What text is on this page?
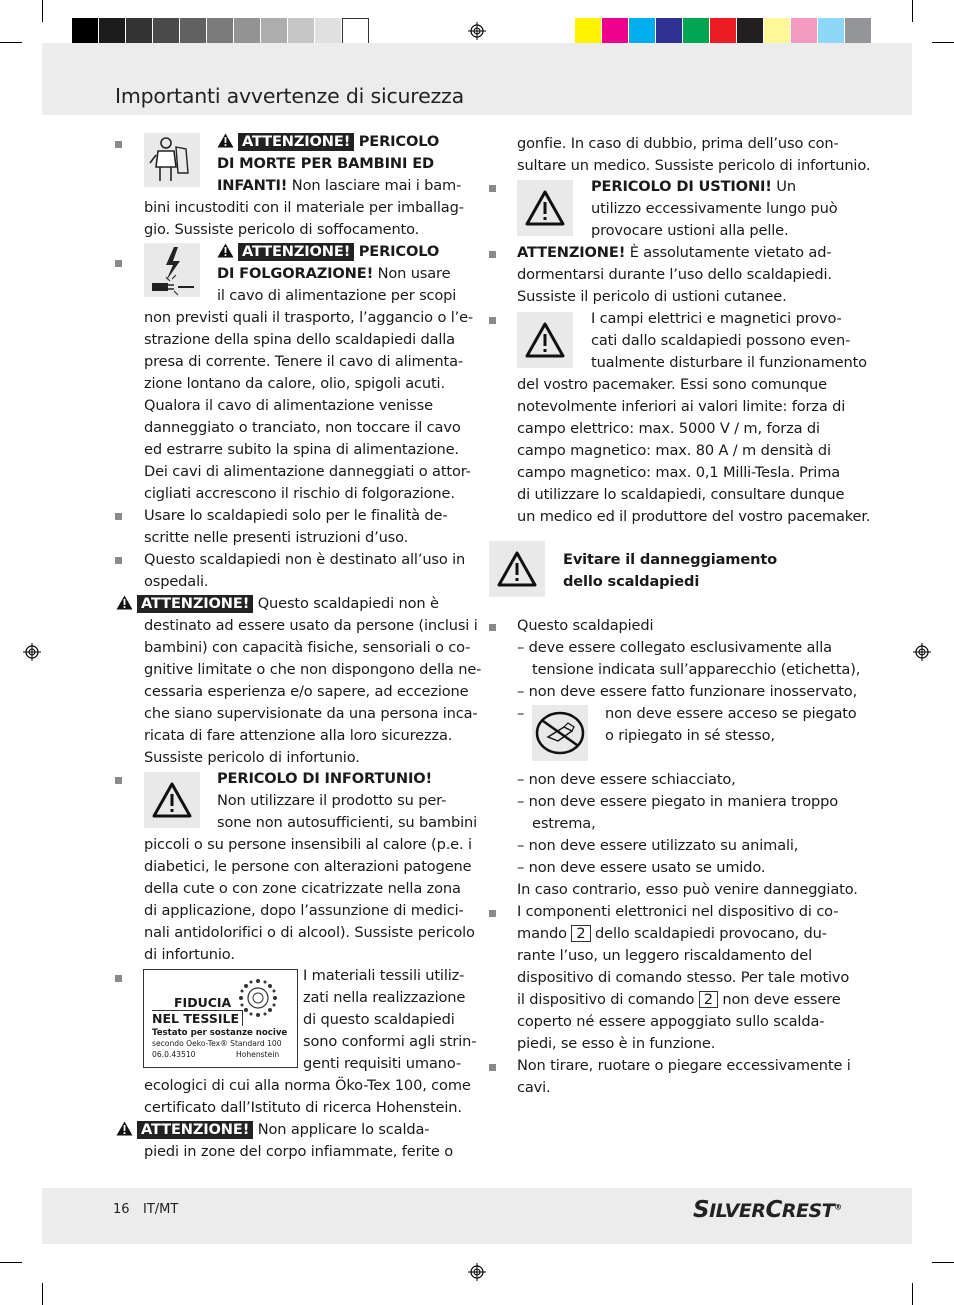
Importanti avvertenze di sicurezza
ATTENZIONE! PERICOLO
DI MORTE PER BAMBINI ED
INFANTI! Non lasciare mai i bam-
bini incustoditi con il materiale per imballag-
gio. Sussiste pericolo di soffocamento.
ATTENZIONE! PERICOLO
DI FOLGORAZIONE! Non usare
il cavo di alimentazione per scopi
non previsti quali il trasporto, l’aggancio o l’e-
strazione della spina dello scaldapiedi dalla
presa di corrente. Tenere il cavo di alimenta-
zione lontano da calore, olio, spigoli acuti.
Qualora il cavo di alimentazione venisse
danneggiato o tranciato, non toccare il cavo
ed estrarre subito la spina di alimentazione.
Dei cavi di alimentazione danneggiati o attor-
cigliati accrescono il rischio di folgorazione.
Usare lo scaldapiedi solo per le finalità de-
scritte nelle presenti istruzioni d’uso.
Questo scaldapiedi non è destinato all’uso in
ospedali.
ATTENZIONE! Questo scaldapiedi non è
destinato ad essere usato da persone (inclusi i
bambini) con capacità fisiche, sensoriali o co-
gnitive limitate o che non dispongono della ne-
cessaria esperienza e/o sapere, ad eccezione
che siano supervisionate da una persona inca-
ricata di fare attenzione alla loro sicurezza.
Sussiste pericolo di infortunio.
PERICOLO DI INFORTUNIO!
Non utilizzare il prodotto su per-
sone non autosufficienti, su bambini
piccoli o su persone insensibili al calore (p.e. i
diabetici, le persone con alterazioni patogene
della cute o con zone cicatrizzate nella zona
di applicazione, dopo l’assunzione di medici-
nali antidolorifici o di alcool). Sussiste pericolo
di infortunio.
FIDUCIA
NEL TESSILE
Testato per sostanze nocive
secondo Oeko-Tex® Standard 100
06.0.43510	Hohenstein
I materiali tessili utiliz-
zati nella realizzazione
di questo scaldapiedi
sono conformi agli strin-
genti requisiti umano-
ecologici di cui alla norma Öko-Tex 100, come
certificato dall’Istituto di ricerca Hohenstein.
ATTENZIONE! Non applicare lo scalda-
piedi in zone del corpo infiammate, ferite o
gonfie. In caso di dubbio, prima dell’uso con-
sultare un medico. Sussiste pericolo di infortunio.
PERICOLO DI USTIONI! Un
utilizzo eccessivamente lungo può
provocare ustioni alla pelle.
ATTENZIONE! È assolutamente vietato ad-
dormentarsi durante l’uso dello scaldapiedi.
Sussiste il pericolo di ustioni cutanee.
I campi elettrici e magnetici provo-
cati dallo scaldapiedi possono even-
tualmente disturbare il funzionamento
del vostro pacemaker. Essi sono comunque
notevolmente inferiori ai valori limite: forza di
campo elettrico: max. 5000 V / m, forza di
campo magnetico: max. 80 A / m densità di
campo magnetico: max. 0,1 Milli-Tesla. Prima
di utilizzare lo scaldapiedi, consultare dunque
un medico ed il produttore del vostro pacemaker.
Evitare il danneggiamento
dello scaldapiedi
Questo scaldapiedi
– deve essere collegato esclusivamente alla
tensione indicata sull’apparecchio (etichetta),
– non deve essere fatto funzionare inosservato,
–	non deve essere acceso se piegato
o ripiegato in sé stesso,
– non deve essere schiacciato,
– non deve essere piegato in maniera troppo
estrema,
– non deve essere utilizzato su animali,
– non deve essere usato se umido.
In caso contrario, esso può venire danneggiato.
I componenti elettronici nel dispositivo di co-
mando 2 dello scaldapiedi provocano, du-
rante l’uso, un leggero riscaldamento del
dispositivo di comando stesso. Per tale motivo
il dispositivo di comando 2 non deve essere
coperto né essere appoggiato sullo scalda-
piedi, se esso è in funzione.
Non tirare, ruotare o piegare eccessivamente i
cavi.
16 IT/MT	SILVERCREST®
